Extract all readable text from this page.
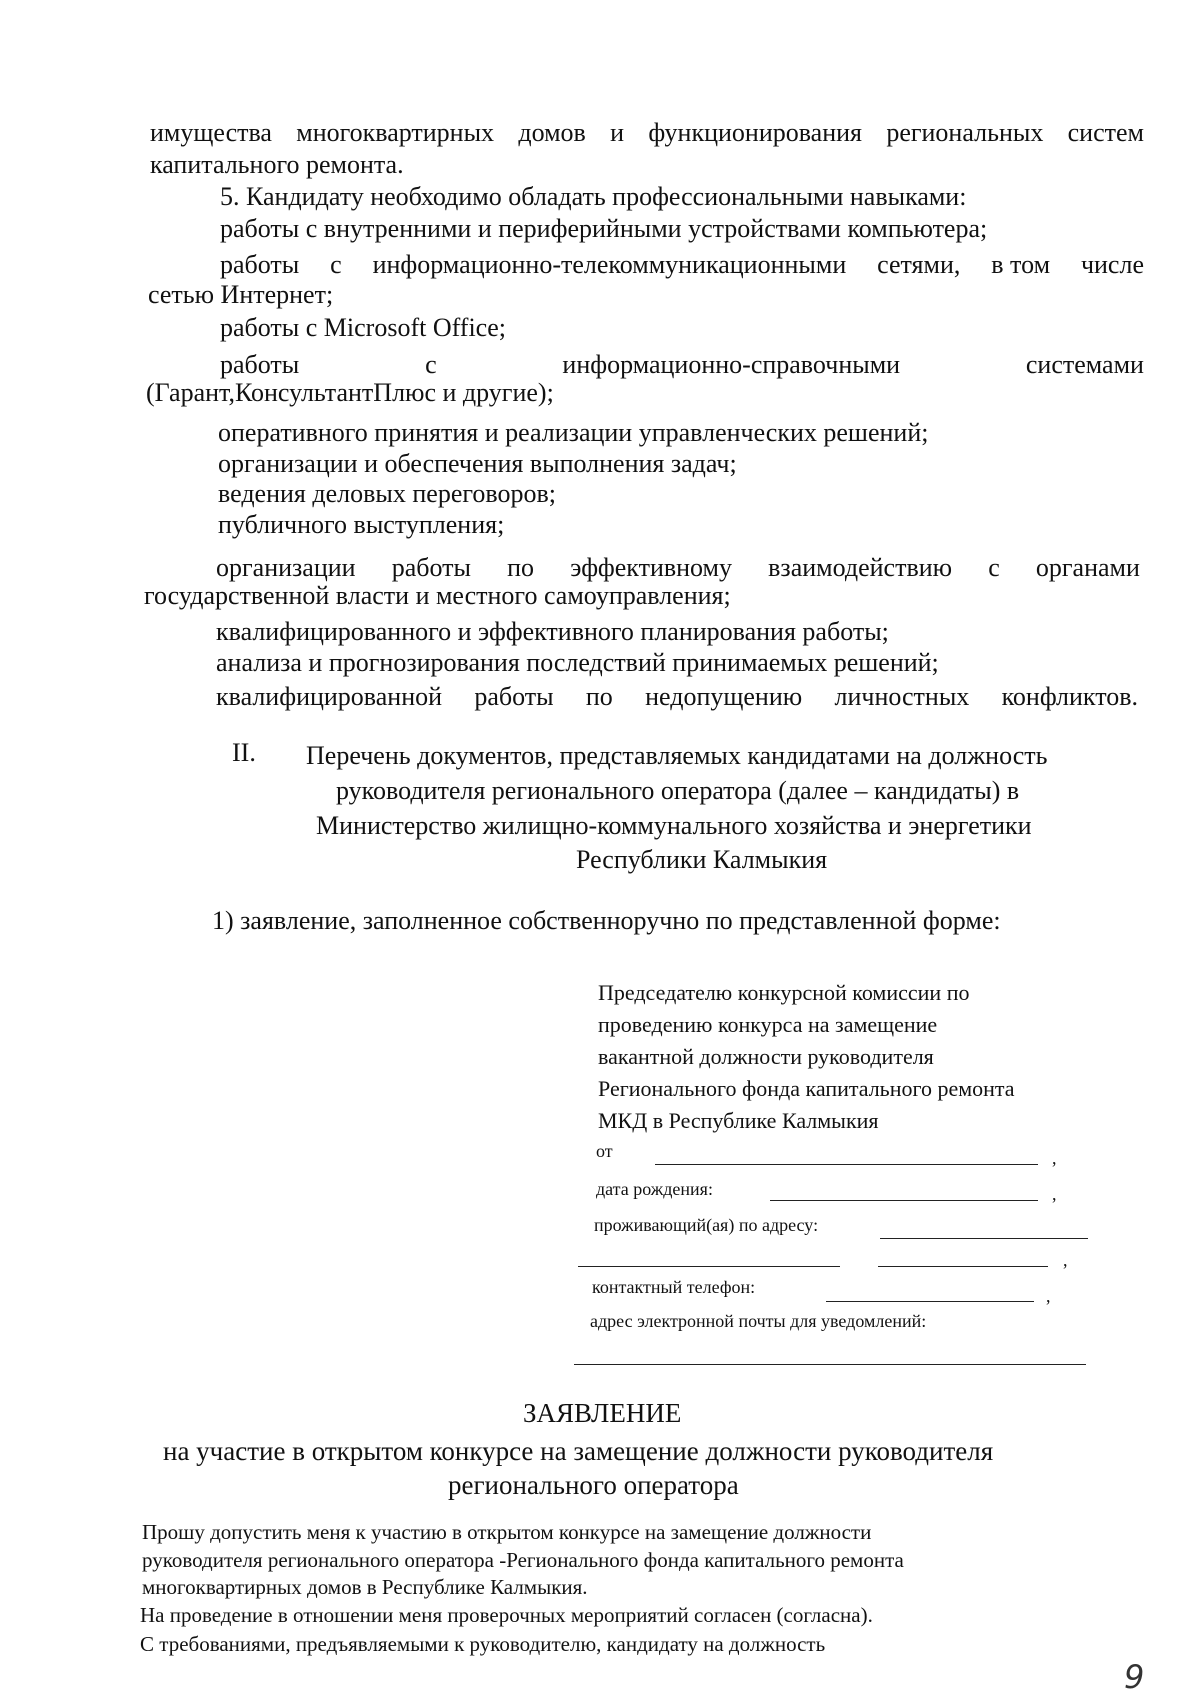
имущества многоквартирных домов и функционирования региональных систем
капитального ремонта.
5. Кандидату необходимо обладать профессиональными навыками:
работы с внутренними и периферийными устройствами компьютера;
работы с информационно-телекоммуникационными сетями, в том числе
сетью Интернет;
работы с Microsoft Office;
работы	с	информационно-справочными	системами
(Гарант,КонсультантПлюс и другие);
оперативного принятия и реализации управленческих решений;
организации и обеспечения выполнения задач;
ведения деловых переговоров;
публичного выступления;
организации работы по эффективному взаимодействию с органами
государственной власти и местного самоуправления;
квалифицированного и эффективного планирования работы;
анализа и прогнозирования последствий принимаемых решений;
квалифицированной работы по недопущению личностных конфликтов.
II. Перечень документов, представляемых кандидатами на должность
руководителя регионального оператора (далее – кандидаты) в
Министерство жилищно-коммунального хозяйства и энергетики
Республики Калмыкия
1) заявление, заполненное собственноручно по представленной форме:
Председателю конкурсной комиссии по
проведению конкурса на замещение
вакантной должности руководителя
Регионального фонда капитального ремонта
МКД в Республике Калмыкия
от	,
дата рождения:	,
проживающий(ая) по адресу:
,
контактный телефон:	,
адрес электронной почты для уведомлений:
ЗАЯВЛЕНИЕ
на участие в открытом конкурсе на замещение должности руководителя
регионального оператора
Прошу допустить меня к участию в открытом конкурсе на замещение должности
руководителя регионального оператора -Регионального фонда капитального ремонта
многоквартирных домов в Республике Калмыкия.
На проведение в отношении меня проверочных мероприятий согласен (согласна).
С требованиями, предъявляемыми к руководителю, кандидату на должность
9
